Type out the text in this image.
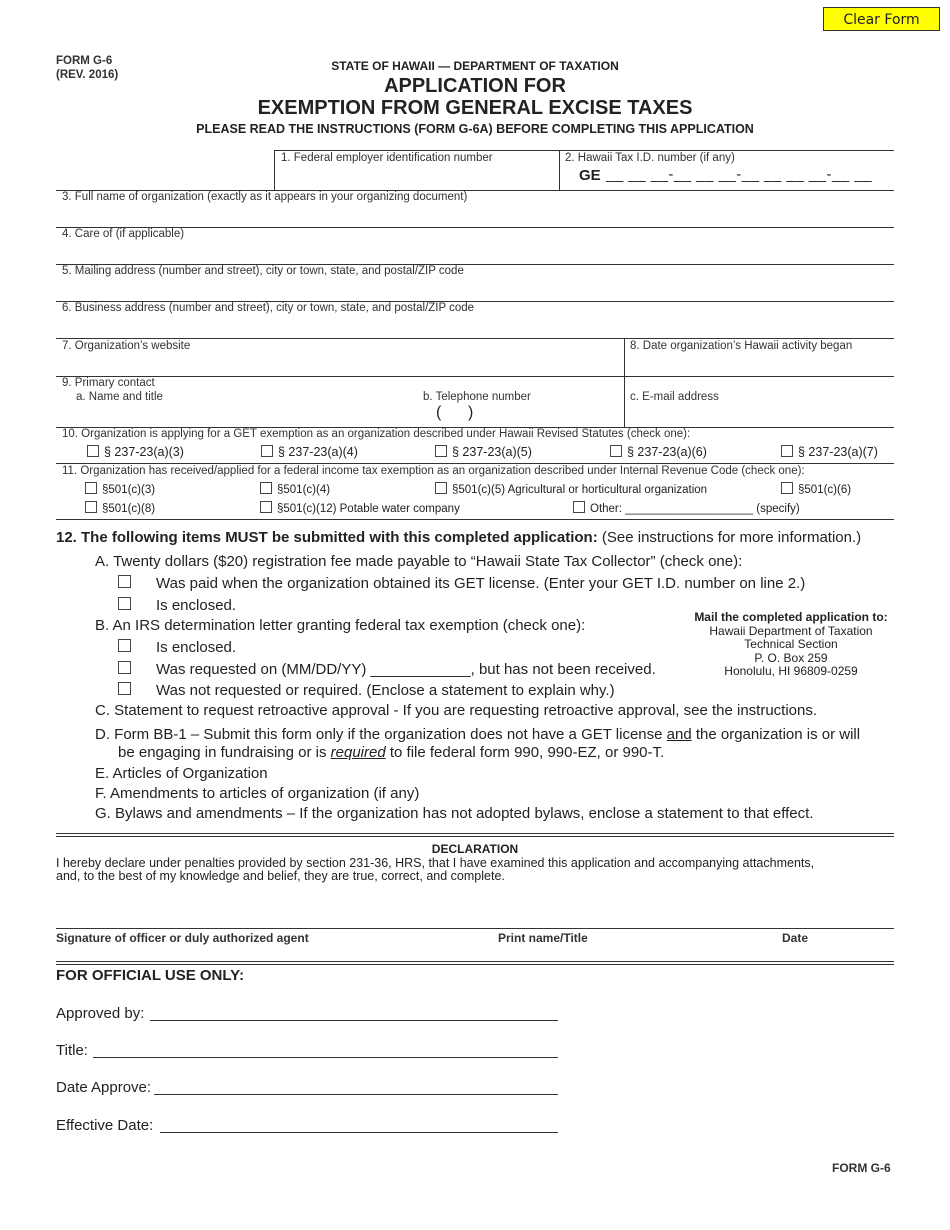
Clear Form
FORM G-6
(REV. 2016)
STATE OF HAWAII — DEPARTMENT OF TAXATION
APPLICATION FOR
EXEMPTION FROM GENERAL EXCISE TAXES
PLEASE READ THE INSTRUCTIONS (FORM G-6A) BEFORE COMPLETING THIS APPLICATION
1. Federal employer identification number	2. Hawaii Tax I.D. number (if any)
GE __ __ __-__ __ __-__ __ __ __-__ __
3. Full name of organization (exactly as it appears in your organizing document)
4. Care of (if applicable)
5. Mailing address (number and street), city or town, state, and postal/ZIP code
6. Business address (number and street), city or town, state, and postal/ZIP code
7. Organization’s website	8. Date organization’s Hawaii activity began
9. Primary contact
a. Name and title	b. Telephone number
(      )
c. E-mail address
10. Organization is applying for a GET exemption as an organization described under Hawaii Revised Statutes (check one):
§ 237-23(a)(3)	§ 237-23(a)(4)	§ 237-23(a)(5)	§ 237-23(a)(6)	§ 237-23(a)(7)
11. Organization has received/applied for a federal income tax exemption as an organization described under Internal Revenue Code (check one):
§501(c)(3)	§501(c)(4)	§501(c)(5) Agricultural or horticultural organization	§501(c)(6)
§501(c)(8)	§501(c)(12) Potable water company	Other: ____________________ (specify)
12. The following items MUST be submitted with this completed application: (See instructions for more information.)
A. Twenty dollars ($20) registration fee made payable to “Hawaii State Tax Collector” (check one):
Was paid when the organization obtained its GET license. (Enter your GET I.D. number on line 2.)
Is enclosed.
B. An IRS determination letter granting federal tax exemption (check one):
Is enclosed.
Was requested on (MM/DD/YY) ____________, but has not been received.
Was not requested or required. (Enclose a statement to explain why.)
C. Statement to request retroactive approval - If you are requesting retroactive approval, see the instructions.
D. Form BB-1 – Submit this form only if the organization does not have a GET license and the organization is or will
be engaging in fundraising or is required to file federal form 990, 990-EZ, or 990-T.
E. Articles of Organization
F. Amendments to articles of organization (if any)
G. Bylaws and amendments – If the organization has not adopted bylaws, enclose a statement to that effect.
Mail the completed application to:
Hawaii Department of Taxation
Technical Section
P. O. Box 259
Honolulu, HI 96809-0259
DECLARATION
I hereby declare under penalties provided by section 231-36, HRS, that I have examined this application and accompanying attachments,
and, to the best of my knowledge and belief, they are true, correct, and complete.
Signature of officer or duly authorized agent	Print name/Title	Date
FOR OFFICIAL USE ONLY:
Approved by:
Title:
Date Approve:
Effective Date:
FORM G-6
